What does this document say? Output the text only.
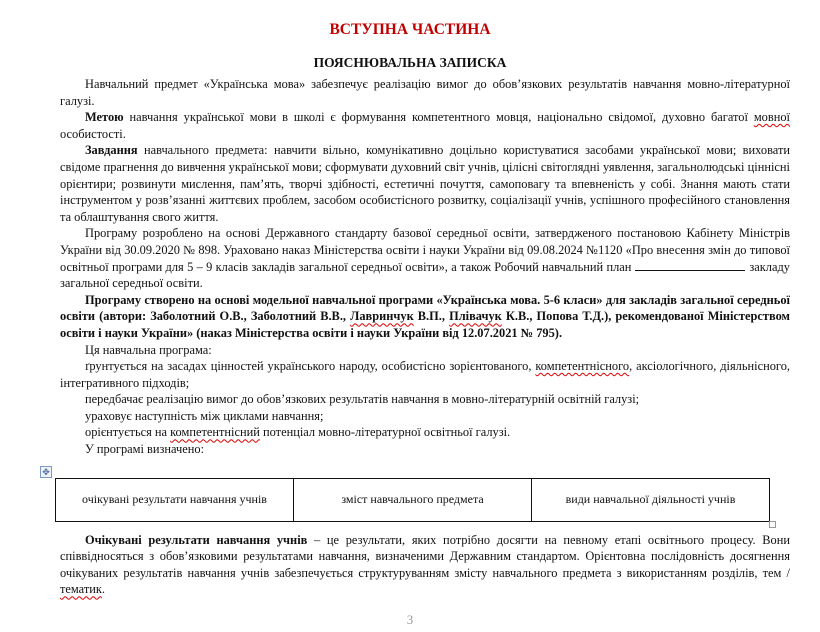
ВСТУПНА ЧАСТИНА
ПОЯСНЮВАЛЬНА ЗАПИСКА

Навчальний предмет «Українська мова» забезпечує реалізацію вимог до обов’язкових результатів навчання мовно-літературної галузі.

Метою навчання української мови в школі є формування компетентного мовця, національно свідомої, духовно багатої мовної особистості.

Завдання навчального предмета: навчити вільно, комунікативно доцільно користуватися засобами української мови; виховати свідоме прагнення до вивчення української мови; сформувати духовний світ учнів, цілісні світоглядні уявлення, загальнолюдські ціннісні орієнтири; розвинути мислення, пам’ять, творчі здібності, естетичні почуття, самоповагу та впевненість у собі. Знання мають стати інструментом у розв’язанні життєвих проблем, засобом особистісного розвитку, соціалізації учнів, успішного професійного становлення та облаштування свого життя.

Програму розроблено на основі Державного стандарту базової середньої освіти, затвердженого постановою Кабінету Міністрів України від 30.09.2020 № 898. Ураховано наказ Міністерства освіти і науки України від 09.08.2024 №1120 «Про внесення змін до типової освітньої програми для 5 – 9 класів закладів загальної середньої освіти», а також Робочий навчальний план	закладу загальної середньої освіти.

Програму створено на основі модельної навчальної програми «Українська мова. 5-6 класи» для закладів загальної середньої освіти (автори: Заболотний О.В., Заболотний В.В., Лавринчук В.П., Плівачук К.В., Попова Т.Д.), рекомендованої Міністерством освіти і науки України» (наказ Міністерства освіти і науки України від 12.07.2021 № 795).

Ця навчальна програма:

ґрунтується на засадах цінностей українського народу, особистісно зорієнтованого, компетентнісного, аксіологічного, діяльнісного, інтегративного підходів;

передбачає реалізацію вимог до обов’язкових результатів навчання в мовно-літературній освітній галузі;

ураховує наступність між циклами навчання;

орієнтується на компетентнісний потенціал мовно-літературної освітньої галузі.

У програмі визначено:

✥
очікувані результати навчання учнів	зміст навчального предмета	види навчальної діяльності учнів

Очікувані результати навчання учнів – це результати, яких потрібно досягти на певному етапі освітнього процесу. Вони співвідносяться з обов’язковими результатами навчання, визначеними Державним стандартом. Орієнтовна послідовність досягнення очікуваних результатів навчання учнів забезпечується структуруванням змісту навчального предмета з використанням розділів, тем / тематик.

3
